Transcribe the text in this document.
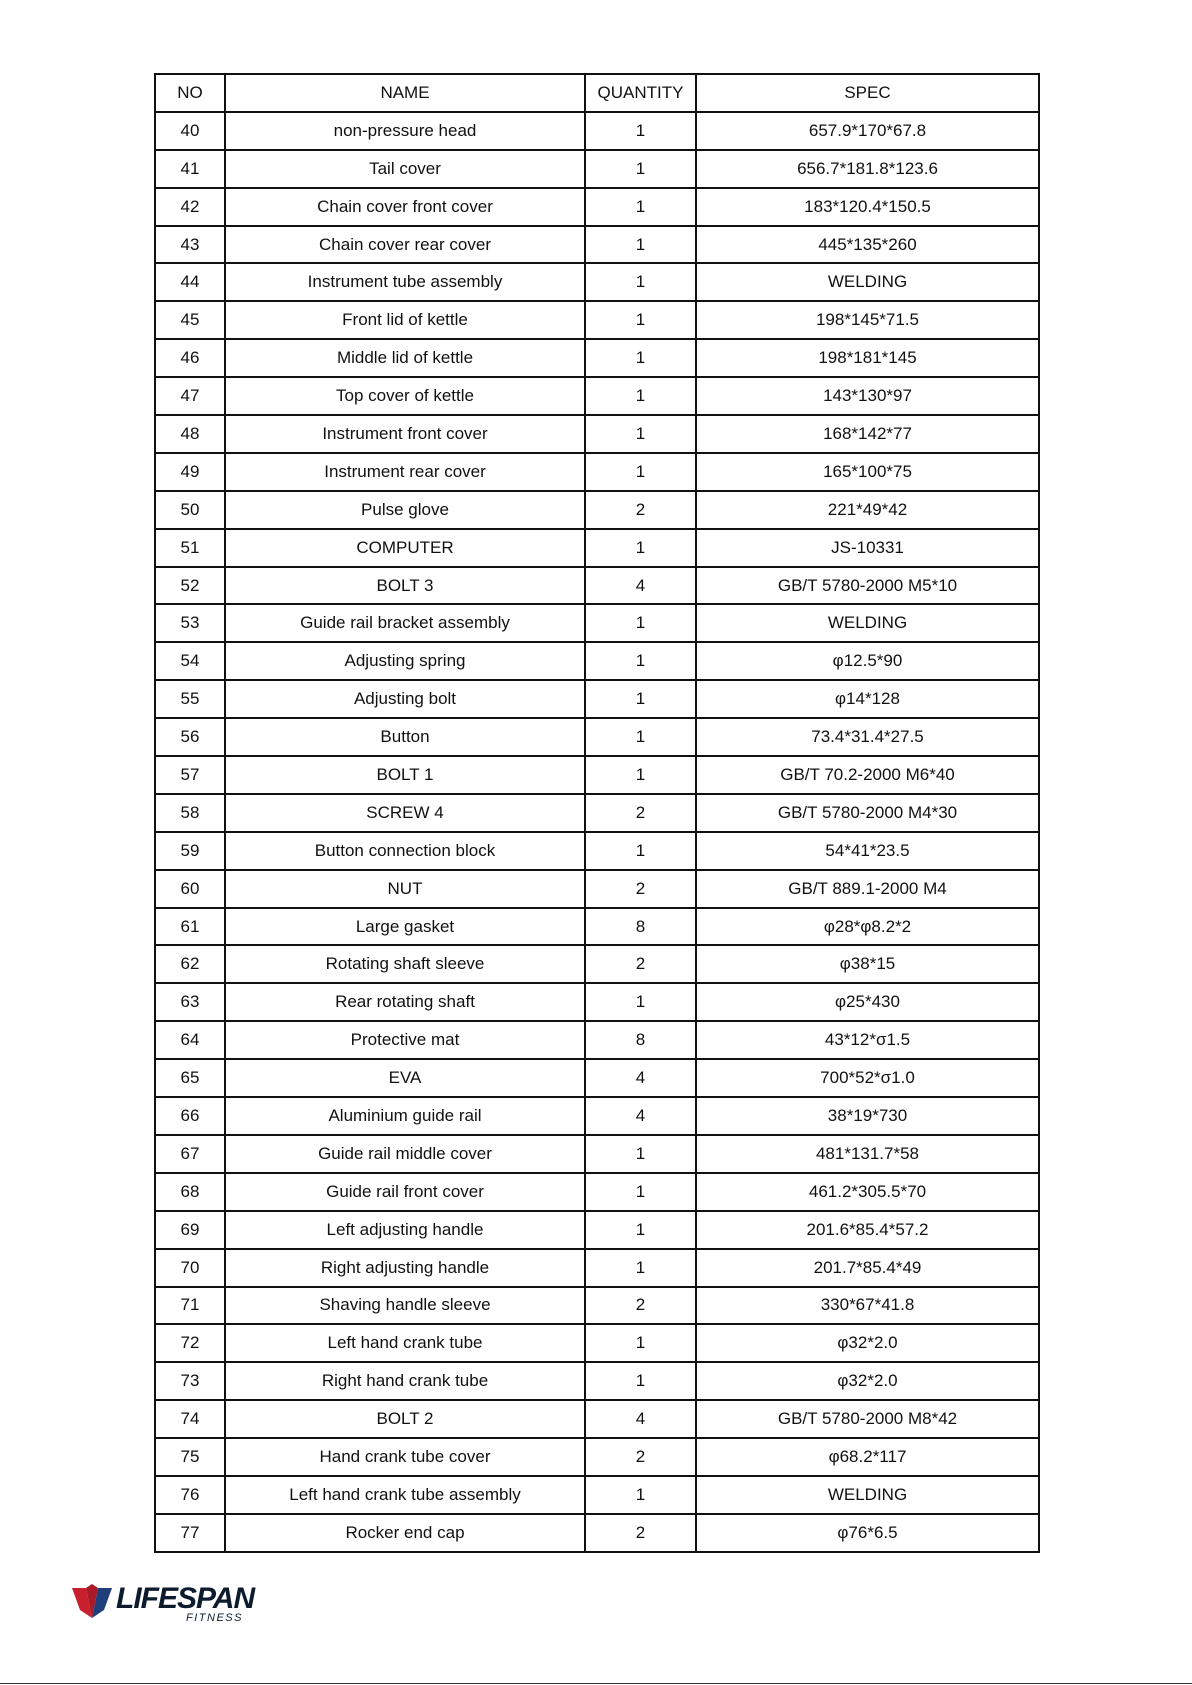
NO	NAME	QUANTITY	SPEC
40	non-pressure head	1	657.9*170*67.8
41	Tail cover	1	656.7*181.8*123.6
42	Chain cover front cover	1	183*120.4*150.5
43	Chain cover rear cover	1	445*135*260
44	Instrument tube assembly	1	WELDING
45	Front lid of kettle	1	198*145*71.5
46	Middle lid of kettle	1	198*181*145
47	Top cover of kettle	1	143*130*97
48	Instrument front cover	1	168*142*77
49	Instrument rear cover	1	165*100*75
50	Pulse glove	2	221*49*42
51	COMPUTER	1	JS-10331
52	BOLT 3	4	GB/T 5780-2000 M5*10
53	Guide rail bracket assembly	1	WELDING
54	Adjusting spring	1	φ12.5*90
55	Adjusting bolt	1	φ14*128
56	Button	1	73.4*31.4*27.5
57	BOLT 1	1	GB/T 70.2-2000 M6*40
58	SCREW 4	2	GB/T 5780-2000 M4*30
59	Button connection block	1	54*41*23.5
60	NUT	2	GB/T 889.1-2000 M4
61	Large gasket	8	φ28*φ8.2*2
62	Rotating shaft sleeve	2	φ38*15
63	Rear rotating shaft	1	φ25*430
64	Protective mat	8	43*12*σ1.5
65	EVA	4	700*52*σ1.0
66	Aluminium guide rail	4	38*19*730
67	Guide rail middle cover	1	481*131.7*58
68	Guide rail front cover	1	461.2*305.5*70
69	Left adjusting handle	1	201.6*85.4*57.2
70	Right adjusting handle	1	201.7*85.4*49
71	Shaving handle sleeve	2	330*67*41.8
72	Left hand crank tube	1	φ32*2.0
73	Right hand crank tube	1	φ32*2.0
74	BOLT 2	4	GB/T 5780-2000 M8*42
75	Hand crank tube cover	2	φ68.2*117
76	Left hand crank tube assembly	1	WELDING
77	Rocker end cap	2	φ76*6.5
LIFESPAN
FITNESS
